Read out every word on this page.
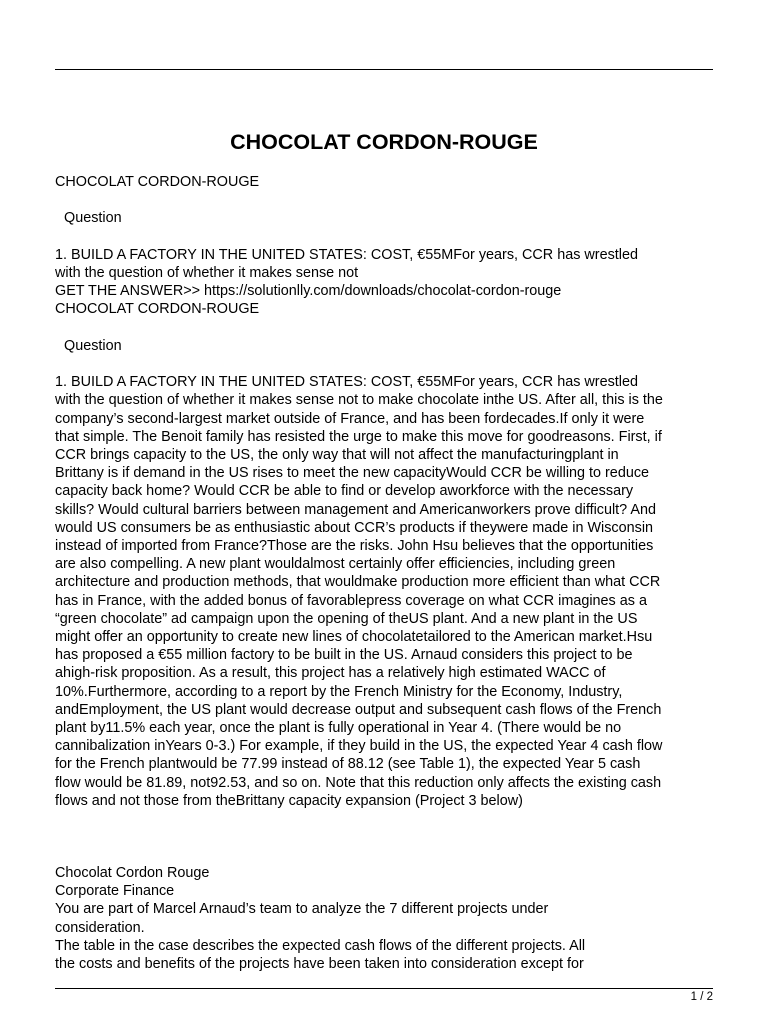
CHOCOLAT CORDON-ROUGE

CHOCOLAT CORDON-ROUGE

Question

1. BUILD A FACTORY IN THE UNITED STATES: COST, €55MFor years, CCR has wrestled

with the question of whether it makes sense not

GET THE ANSWER>> https://solutionlly.com/downloads/chocolat-cordon-rouge

CHOCOLAT CORDON-ROUGE

Question

1. BUILD A FACTORY IN THE UNITED STATES: COST, €55MFor years, CCR has wrestled

with the question of whether it makes sense not to make chocolate inthe US. After all, this is the

company’s second-largest market outside of France, and has been fordecades.If only it were

that simple. The Benoit family has resisted the urge to make this move for goodreasons. First, if

CCR brings capacity to the US, the only way that will not affect the manufacturingplant in

Brittany is if demand in the US rises to meet the new capacityWould CCR be willing to reduce

capacity back home? Would CCR be able to find or develop aworkforce with the necessary

skills? Would cultural barriers between management and Americanworkers prove difficult? And

would US consumers be as enthusiastic about CCR’s products if theywere made in Wisconsin

instead of imported from France?Those are the risks. John Hsu believes that the opportunities

are also compelling. A new plant wouldalmost certainly offer efficiencies, including green

architecture and production methods, that wouldmake production more efficient than what CCR

has in France, with the added bonus of favorablepress coverage on what CCR imagines as a

“green chocolate” ad campaign upon the opening of theUS plant. And a new plant in the US

might offer an opportunity to create new lines of chocolatetailored to the American market.Hsu

has proposed a €55 million factory to be built in the US. Arnaud considers this project to be

ahigh-risk proposition. As a result, this project has a relatively high estimated WACC of

10%.Furthermore, according to a report by the French Ministry for the Economy, Industry,

andEmployment, the US plant would decrease output and subsequent cash flows of the French

plant by11.5% each year, once the plant is fully operational in Year 4. (There would be no

cannibalization inYears 0-3.) For example, if they build in the US, the expected Year 4 cash flow

for the French plantwould be 77.99 instead of 88.12 (see Table 1), the expected Year 5 cash

flow would be 81.89, not92.53, and so on. Note that this reduction only affects the existing cash

flows and not those from theBrittany capacity expansion (Project 3 below)

Chocolat Cordon Rouge

Corporate Finance

You are part of Marcel Arnaud’s team to analyze the 7 different projects under

consideration.

The table in the case describes the expected cash flows of the different projects. All

the costs and benefits of the projects have been taken into consideration except for

1 / 2
